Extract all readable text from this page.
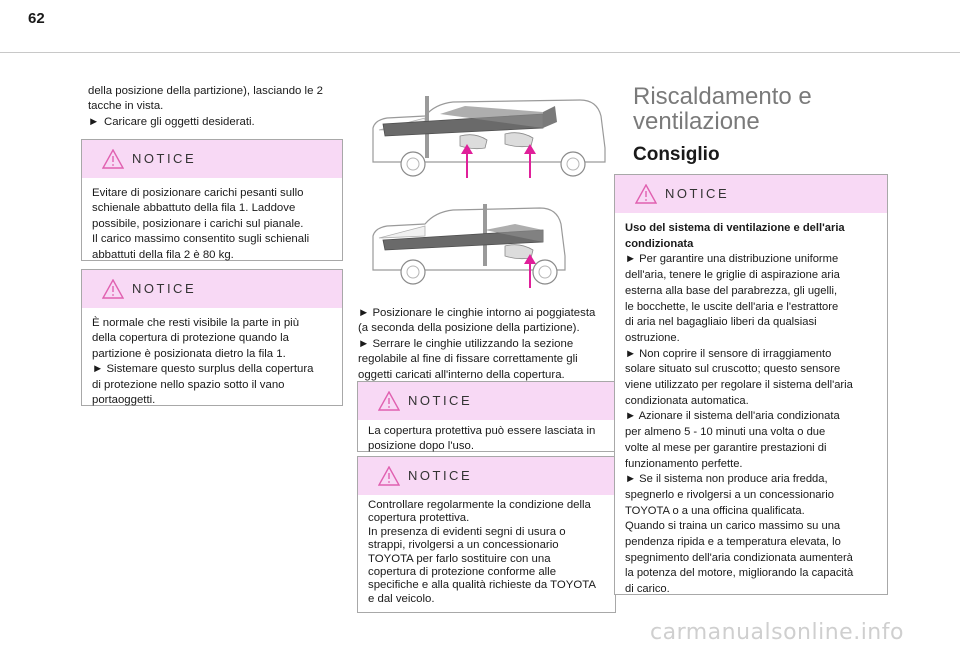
62

della posizione della partizione), lasciando le 2

tacche in vista.

► Caricare gli oggetti desiderati.

NOTICE

Evitare di posizionare carichi pesanti sullo

schienale abbattuto della fila 1. Laddove

possibile, posizionare i carichi sul pianale.

Il carico massimo consentito sugli schienali

abbattuti della fila 2 è 80 kg.

NOTICE

È normale che resti visibile la parte in più

della copertura di protezione quando la

partizione è posizionata dietro la fila 1.

► Sistemare questo surplus della copertura

di protezione nello spazio sotto il vano

portaoggetti.

► Posizionare le cinghie intorno ai poggiatesta

(a seconda della posizione della partizione).

► Serrare le cinghie utilizzando la sezione

regolabile al fine di fissare correttamente gli

oggetti caricati all'interno della copertura.

NOTICE

La copertura protettiva può essere lasciata in

posizione dopo l'uso.

NOTICE

Controllare regolarmente la condizione della

copertura protettiva.

In presenza di evidenti segni di usura o

strappi, rivolgersi a un concessionario

TOYOTA per farlo sostituire con una

copertura di protezione conforme alle

specifiche e alla qualità richieste da TOYOTA

e dal veicolo.

Riscaldamento e
ventilazione
Consiglio
NOTICE

Uso del sistema di ventilazione e dell'aria

condizionata

► Per garantire una distribuzione uniforme

dell'aria, tenere le griglie di aspirazione aria

esterna alla base del parabrezza, gli ugelli,

le bocchette, le uscite dell'aria e l'estrattore

di aria nel bagagliaio liberi da qualsiasi

ostruzione.

► Non coprire il sensore di irraggiamento

solare situato sul cruscotto; questo sensore

viene utilizzato per regolare il sistema dell'aria

condizionata automatica.

► Azionare il sistema dell'aria condizionata

per almeno 5 - 10 minuti una volta o due

volte al mese per garantire prestazioni di

funzionamento perfette.

► Se il sistema non produce aria fredda,

spegnerlo e rivolgersi a un concessionario

TOYOTA o a una officina qualificata.

Quando si traina un carico massimo su una

pendenza ripida e a temperatura elevata, lo

spegnimento dell'aria condizionata aumenterà

la potenza del motore, migliorando la capacità

di carico.

carmanualsonline.info
